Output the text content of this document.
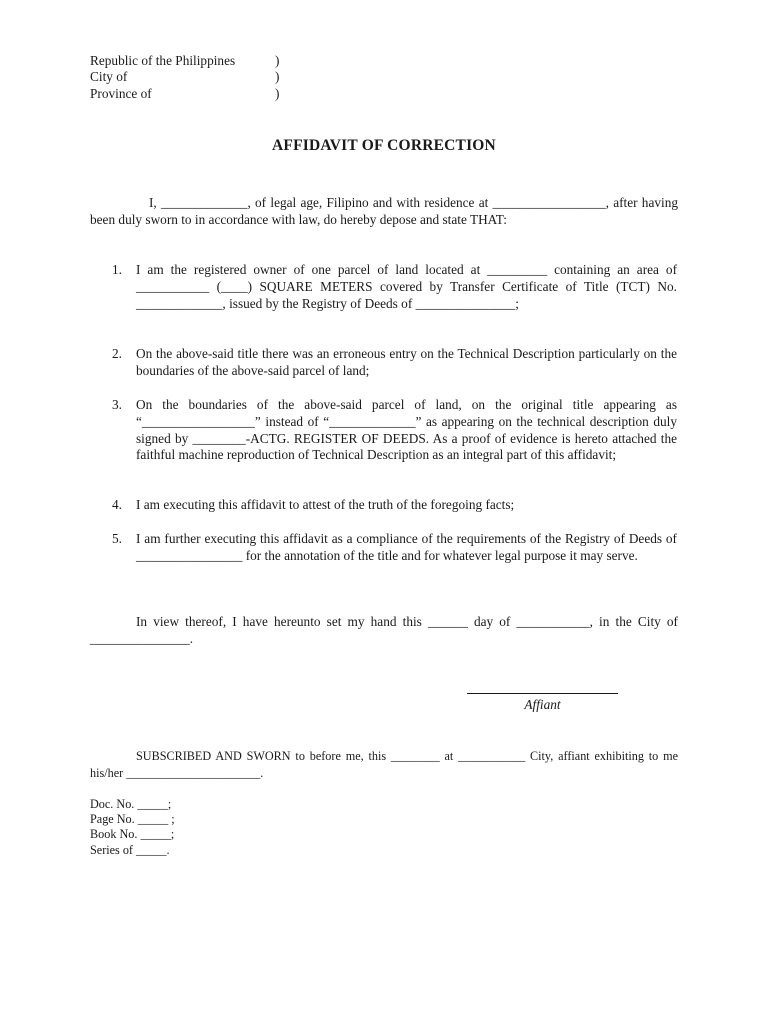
Republic of the Philippines	)

City of	)

Province of	)
AFFIDAVIT OF CORRECTION

I, _____________, of legal age, Filipino and with residence at _________________, after having been duly sworn to in accordance with law, do hereby depose and state THAT:

1. I am the registered owner of one parcel of land located at _________ containing an area of ___________ (____) SQUARE METERS covered by Transfer Certificate of Title (TCT) No. _____________, issued by the Registry of Deeds of _______________;

2. On the above-said title there was an erroneous entry on the Technical Description particularly on the boundaries of the above-said parcel of land;

3. On the boundaries of the above-said parcel of land, on the original title appearing as “_________________” instead of “_____________” as appearing on the technical description duly signed by ________-ACTG. REGISTER OF DEEDS. As a proof of evidence is hereto attached the faithful machine reproduction of Technical Description as an integral part of this affidavit;

4. I am executing this affidavit to attest of the truth of the foregoing facts;

5. I am further executing this affidavit as a compliance of the requirements of the Registry of Deeds of ________________ for the annotation of the title and for whatever legal purpose it may serve.

In view thereof, I have hereunto set my hand this ______ day of ___________, in the City of _______________.

Affiant

SUBSCRIBED AND SWORN to before me, this ________ at ___________ City, affiant exhibiting to me his/her ______________________.

Doc. No. _____;

Page No. _____ ;

Book No. _____;

Series of _____.
